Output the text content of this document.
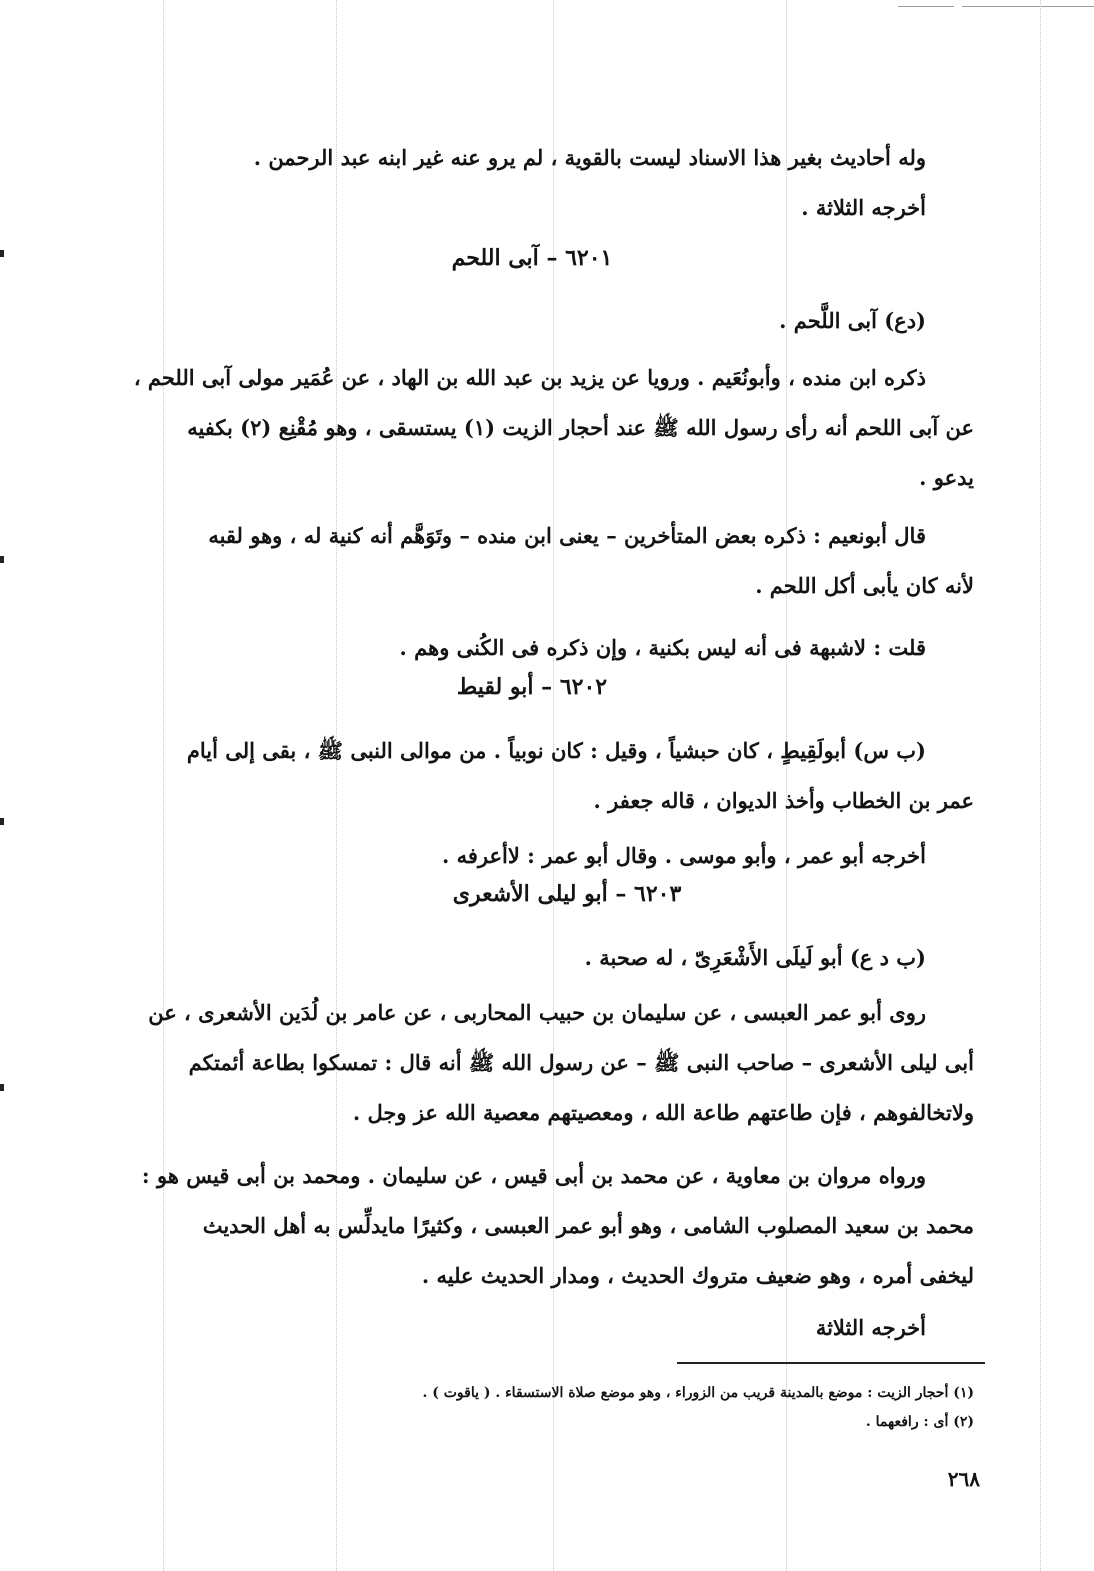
وله أحاديث بغير هذا الاسناد ليست بالقوية ، لم يرو عنه غير ابنه عبد الرحمن .
أخرجه الثلاثة .
٦٢٠١ – آبى اللحم
(دع) آبى اللَّحم .
ذكره ابن منده ، وأبونُعَيم . ورويا عن يزيد بن عبد الله بن الهاد ، عن عُمَير مولى آبى اللحم ،
عن آبى اللحم أنه رأى رسول الله ﷺ عند أحجار الزيت (١) يستسقى ، وهو مُقْنِع (٢) بكفيه
يدعو .
قال أبونعيم : ذكره بعض المتأخرين – يعنى ابن منده – وتَوَهَّم أنه كنية له ، وهو لقبه
لأنه كان يأبى أكل اللحم .
قلت : لاشبهة فى أنه ليس بكنية ، وإن ذكره فى الكُنى وهم .
٦٢٠٢ – أبو لقيط
(ب س) أبولَقِيطٍ ، كان حبشياً ، وقيل : كان نوبياً . من موالى النبى ﷺ ، بقى إلى أيام
عمر بن الخطاب وأخذ الديوان ، قاله جعفر .
أخرجه أبو عمر ، وأبو موسى . وقال أبو عمر : لاأعرفه .
٦٢٠٣ – أبو ليلى الأشعرى
(ب د ع) أبو لَيلَى الأَشْعَرِىّ ، له صحبة .
روى أبو عمر العبسى ، عن سليمان بن حبيب المحاربى ، عن عامر بن لُدَين الأشعرى ، عن
أبى ليلى الأشعرى – صاحب النبى ﷺ – عن رسول الله ﷺ أنه قال : تمسكوا بطاعة أئمتكم
ولاتخالفوهم ، فإن طاعتهم طاعة الله ، ومعصيتهم معصية الله عز وجل .
ورواه مروان بن معاوية ، عن محمد بن أبى قيس ، عن سليمان . ومحمد بن أبى قيس هو :
محمد بن سعيد المصلوب الشامى ، وهو أبو عمر العبسى ، وكثيرًا مايدلِّس به أهل الحديث
ليخفى أمره ، وهو ضعيف متروك الحديث ، ومدار الحديث عليه .
أخرجه الثلاثة
(١) أحجار الزيت : موضع بالمدينة قريب من الزوراء ، وهو موضع صلاة الاستسقاء . ( ياقوت ) .
(٢) أى : رافعهما .
٢٦٨
